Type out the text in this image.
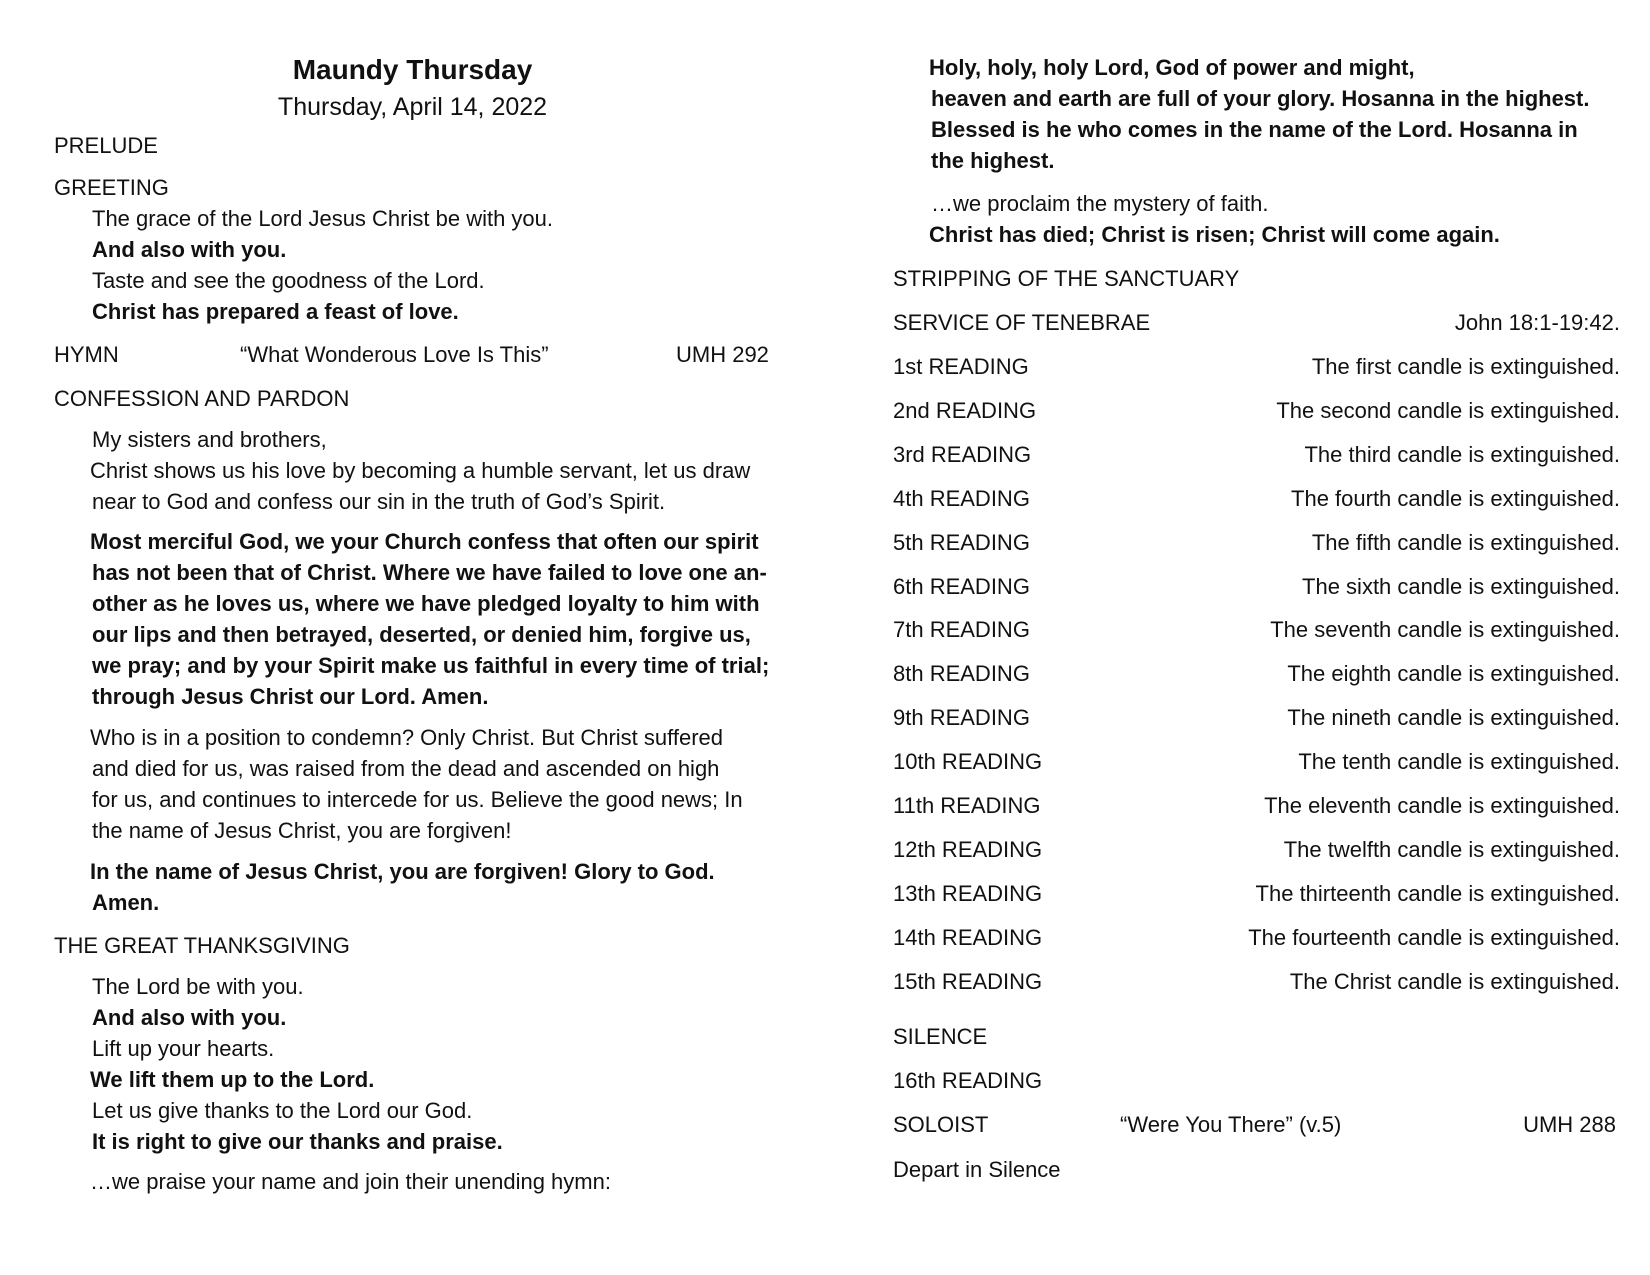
Maundy Thursday
Thursday, April 14, 2022
PRELUDE
GREETING
The grace of the Lord Jesus Christ be with you.
And also with you.
Taste and see the goodness of the Lord.
Christ has prepared a feast of love.
HYMN	“What Wonderous Love Is This”	UMH 292
CONFESSION AND PARDON
My sisters and brothers,
Christ shows us his love by becoming a humble servant, let us draw
near to God and confess our sin in the truth of God’s Spirit.
Most merciful God, we your Church confess that often our spirit
has not been that of Christ. Where we have failed to love one an-
other as he loves us, where we have pledged loyalty to him with
our lips and then betrayed, deserted, or denied him, forgive us,
we pray; and by your Spirit make us faithful in every time of trial;
through Jesus Christ our Lord. Amen.
Who is in a position to condemn? Only Christ. But Christ suffered
and died for us, was raised from the dead and ascended on high
for us, and continues to intercede for us. Believe the good news; In
the name of Jesus Christ, you are forgiven!
In the name of Jesus Christ, you are forgiven! Glory to God.
Amen.
THE GREAT THANKSGIVING
The Lord be with you.
And also with you.
Lift up your hearts.
We lift them up to the Lord.
Let us give thanks to the Lord our God.
It is right to give our thanks and praise.
…we praise your name and join their unending hymn:
Holy, holy, holy Lord, God of power and might,
heaven and earth are full of your glory. Hosanna in the highest.
Blessed is he who comes in the name of the Lord. Hosanna in
the highest.
…we proclaim the mystery of faith.
Christ has died; Christ is risen; Christ will come again.
STRIPPING OF THE SANCTUARY
SERVICE OF TENEBRAE	John 18:1-19:42.
1st READING	The first candle is extinguished.
2nd READING	The second candle is extinguished.
3rd READING	The third candle is extinguished.
4th READING	The fourth candle is extinguished.
5th READING	The fifth candle is extinguished.
6th READING	The sixth candle is extinguished.
7th READING	The seventh candle is extinguished.
8th READING	The eighth candle is extinguished.
9th READING	The nineth candle is extinguished.
10th READING	The tenth candle is extinguished.
11th READING	The eleventh candle is extinguished.
12th READING	The twelfth candle is extinguished.
13th READING	The thirteenth candle is extinguished.
14th READING	The fourteenth candle is extinguished.
15th READING	The Christ candle is extinguished.
SILENCE
16th READING
SOLOIST	“Were You There” (v.5)	UMH 288
Depart in Silence
